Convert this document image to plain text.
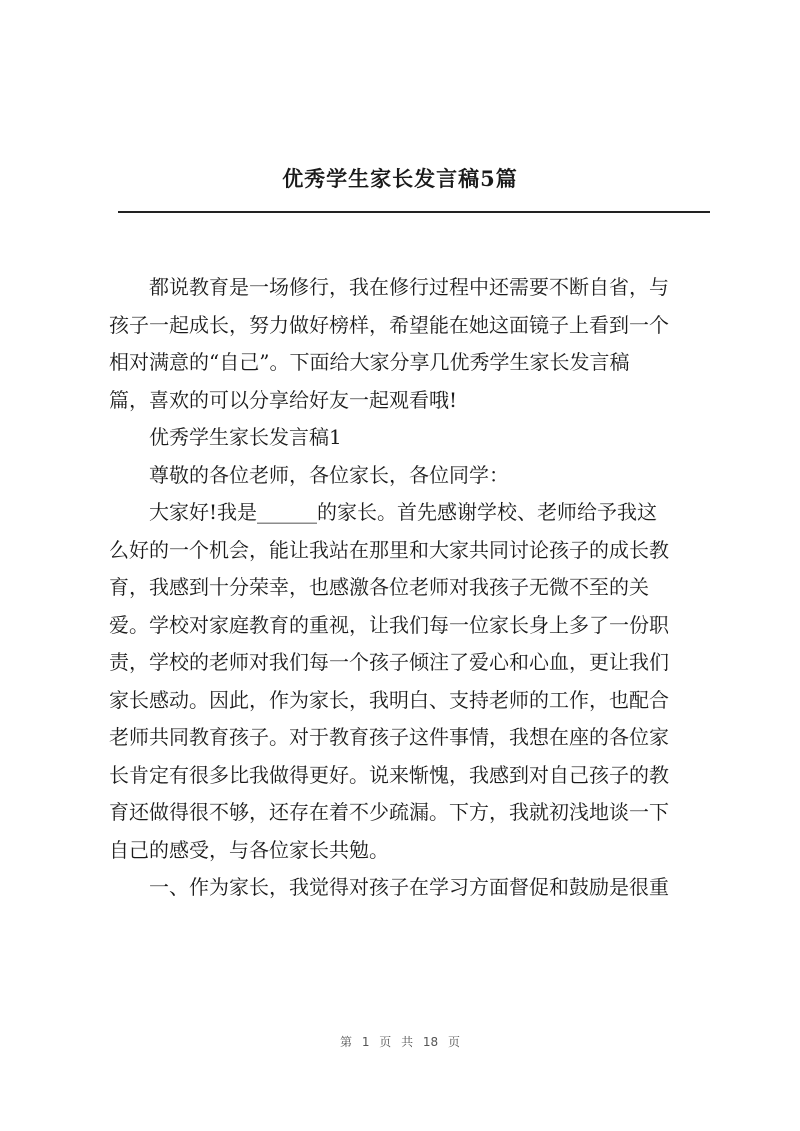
优秀学生家长发言稿5篇
都说教育是一场修行，我在修行过程中还需要不断自省，与
孩子一起成长，努力做好榜样，希望能在她这面镜子上看到一个
相对满意的“自己”。下面给大家分享几优秀学生家长发言稿
篇，喜欢的可以分享给好友一起观看哦!
优秀学生家长发言稿1
尊敬的各位老师，各位家长，各位同学：
大家好!我是______的家长。首先感谢学校、老师给予我这
么好的一个机会，能让我站在那里和大家共同讨论孩子的成长教
育，我感到十分荣幸，也感激各位老师对我孩子无微不至的关
爱。学校对家庭教育的重视，让我们每一位家长身上多了一份职
责，学校的老师对我们每一个孩子倾注了爱心和心血，更让我们
家长感动。因此，作为家长，我明白、支持老师的工作，也配合
老师共同教育孩子。对于教育孩子这件事情，我想在座的各位家
长肯定有很多比我做得更好。说来惭愧，我感到对自己孩子的教
育还做得很不够，还存在着不少疏漏。下方，我就初浅地谈一下
自己的感受，与各位家长共勉。
一、作为家长，我觉得对孩子在学习方面督促和鼓励是很重
第 1 页 共 18 页
